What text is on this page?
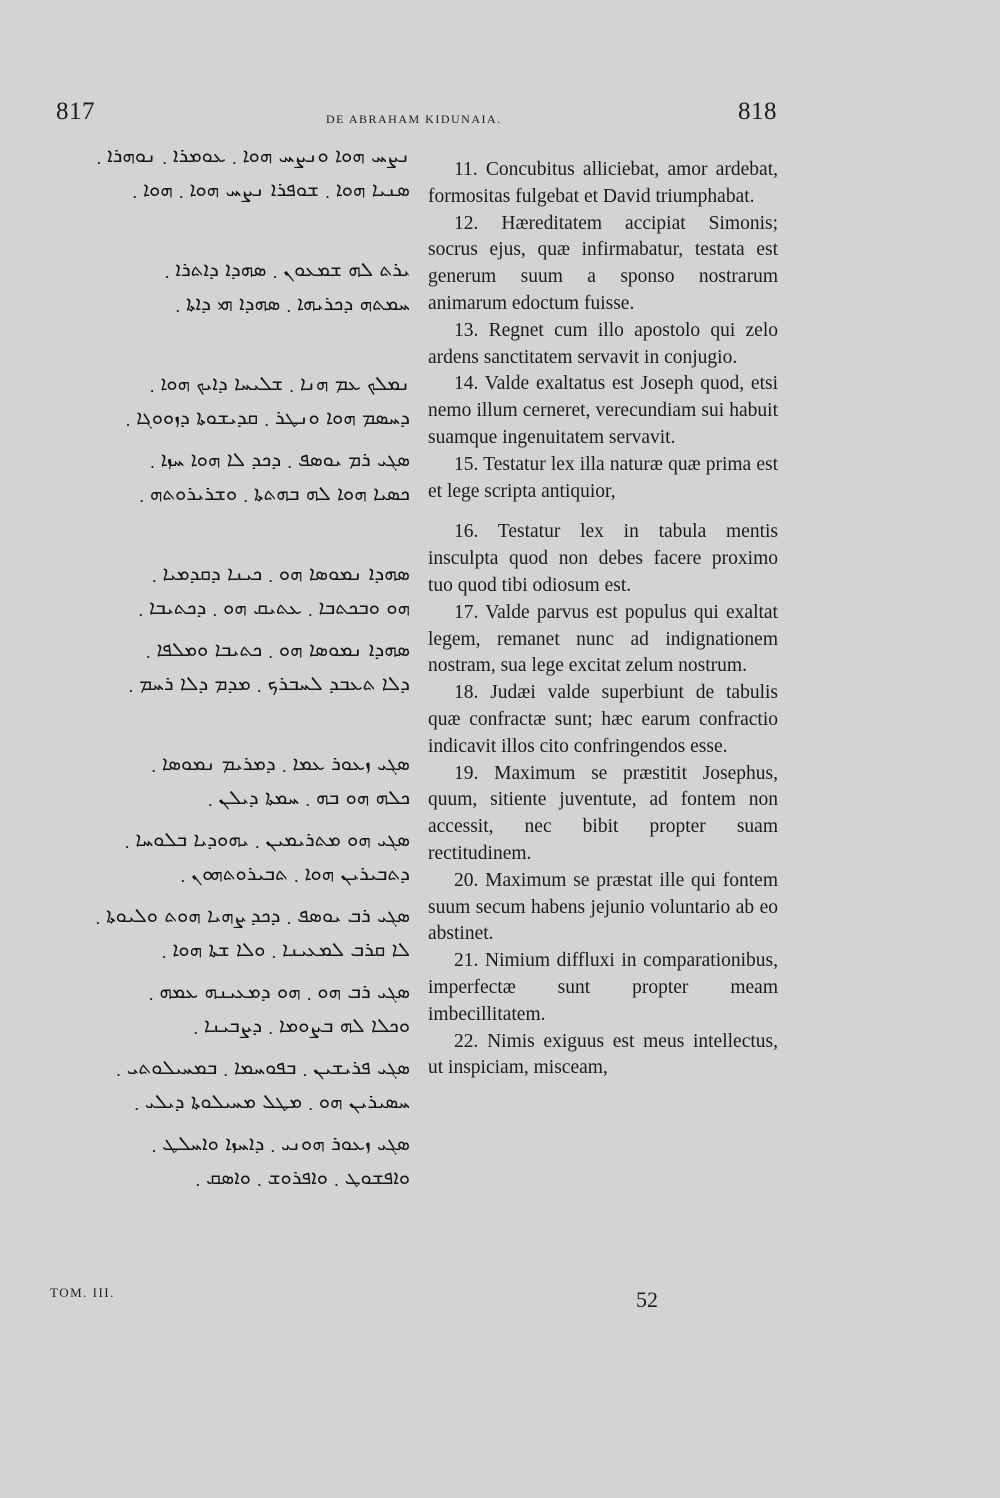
817	DE ABRAHAM KIDUNAIA.	818
ܢܨܚ ܗܘܐ ܘܢܨܚ ܗܘܐ ܂ ܥܘܡܪܐ ܂ ܢܘܗܪܐ ܂
ܣܢܝܐ ܗܘܐ ܂ ܫܘܦܪܐ ܢܨܚ ܗܘܐ ܂ ܗܘܐ ܂
ܝܪܬ ܠܗ ܫܡܥܘܢ ܂ ܣܗܕܐ ܕܐܬܪܐ ܂
ܚܡܬܗ ܕܟܪܝܗܐ ܂ ܣܗܕܐ ܗܝ ܕܐܬܐ ܂
ܢܡܠܟ ܥܡ ܗܢܐ ܂ ܫܠܝܚܐ ܕܐܝܟ ܗܘܐ ܂
ܕܚܣܡ ܗܘܐ ܘܢܛܪ ܂ ܩܕܝܫܘܬܐ ܕܙܘܘܓܐ ܂
ܣܓܝ ܪܡ ܝܘܣܦ ܂ ܕܟܕ ܠܐ ܗܘܐ ܚܙܐ ܂
ܟܣܝܐ ܗܘܐ ܠܗ ܒܗܬܬܐ ܂ ܘܫܪܝܪܘܬܗ ܂
ܣܗܕܐ ܢܡܘܣܐ ܗܘ ܂ ܟܝܢܐ ܕܩܕܡܝܐ ܂
ܗܘ ܘܒܟܬܒܐ ܂ ܥܬܝܩ ܗܘ ܂ ܕܟܬܝܒܐ ܂
ܣܗܕܐ ܢܡܘܣܐ ܗܘ ܂ ܟܬܝܒܐ ܘܡܠܦܐ ܂
ܕܠܐ ܬܥܒܕ ܠܚܒܪܟ ܂ ܡܕܡ ܕܠܐ ܪܚܡ ܂
ܣܓܝ ܙܥܘܪ ܥܡܐ ܂ ܕܡܪܝܡ ܢܡܘܣܐ ܂
ܟܠܗ ܗܘ ܒܗ ܂ ܚܡܬܐ ܕܝܠܢ ܂
ܣܓܝ ܗܘ ܡܬܪܝܡܝܢ ܂ ܝܗܘܕܝܐ ܒܠܘܚܐ ܂
ܕܬܒܝܪܝܢ ܗܘܐ ܂ ܬܒܝܪܘܬܗܘܢ ܂
ܣܓܝ ܪܒ ܝܘܣܦ ܂ ܕܟܕ ܨܗܝܐ ܗܘܬ ܘܠܝܘܬܐ ܂
ܠܐ ܩܪܒ ܠܡܥܝܢܐ ܂ ܘܠܐ ܫܬܐ ܗܘܐ ܂
ܣܓܝ ܪܒ ܗܘ ܂ ܗܘ ܕܡܥܝܢܗ ܥܡܗ ܂
ܘܟܠܐ ܠܗ ܒܨܘܡܐ ܂ ܕܨܒܝܢܐ ܂
ܣܓܝ ܦܪܝܫܝܢ ܂ ܒܦܘܚܡܐ ܂ ܒܡܚܝܠܘܬܝ ܂
ܚܣܝܪܝܢ ܗܘ ܂ ܡܛܠ ܡܚܝܠܘܬܐ ܕܝܠܝ ܂
ܣܓܝ ܙܥܘܪ ܗܘܢܝ ܂ ܕܐܚܙܐ ܘܐܚܠܛ ܂
ܘܐܦܫܘܛ ܂ ܘܐܦܪܘܫ ܂ ܘܐܣܩ ܂
11. Concubitus alliciebat, amor ardebat, formositas fulgebat et David triumphabat.
12. Hæreditatem accipiat Simonis; socrus ejus, quæ infirmabatur, testata est generum suum a sponso nostrarum animarum edoctum fuisse.
13. Regnet cum illo apostolo qui zelo ardens sanctitatem servavit in conjugio.
14. Valde exaltatus est Joseph quod, etsi nemo illum cerneret, verecundiam sui habuit suamque ingenuitatem servavit.
15. Testatur lex illa naturæ quæ prima est et lege scripta antiquior,
16. Testatur lex in tabula mentis insculpta quod non debes facere proximo tuo quod tibi odiosum est.
17. Valde parvus est populus qui exaltat legem, remanet nunc ad indignationem nostram, sua lege excitat zelum nostrum.
18. Judæi valde superbiunt de tabulis quæ confractæ sunt; hæc earum confractio indicavit illos cito confringendos esse.
19. Maximum se præstitit Josephus, quum, sitiente juventute, ad fontem non accessit, nec bibit propter suam rectitudinem.
20. Maximum se præstat ille qui fontem suum secum habens jejunio voluntario ab eo abstinet.
21. Nimium diffluxi in comparationibus, imperfectæ sunt propter meam imbecillitatem.
22. Nimis exiguus est meus intellectus, ut inspiciam, misceam,
TOM. III.	52
